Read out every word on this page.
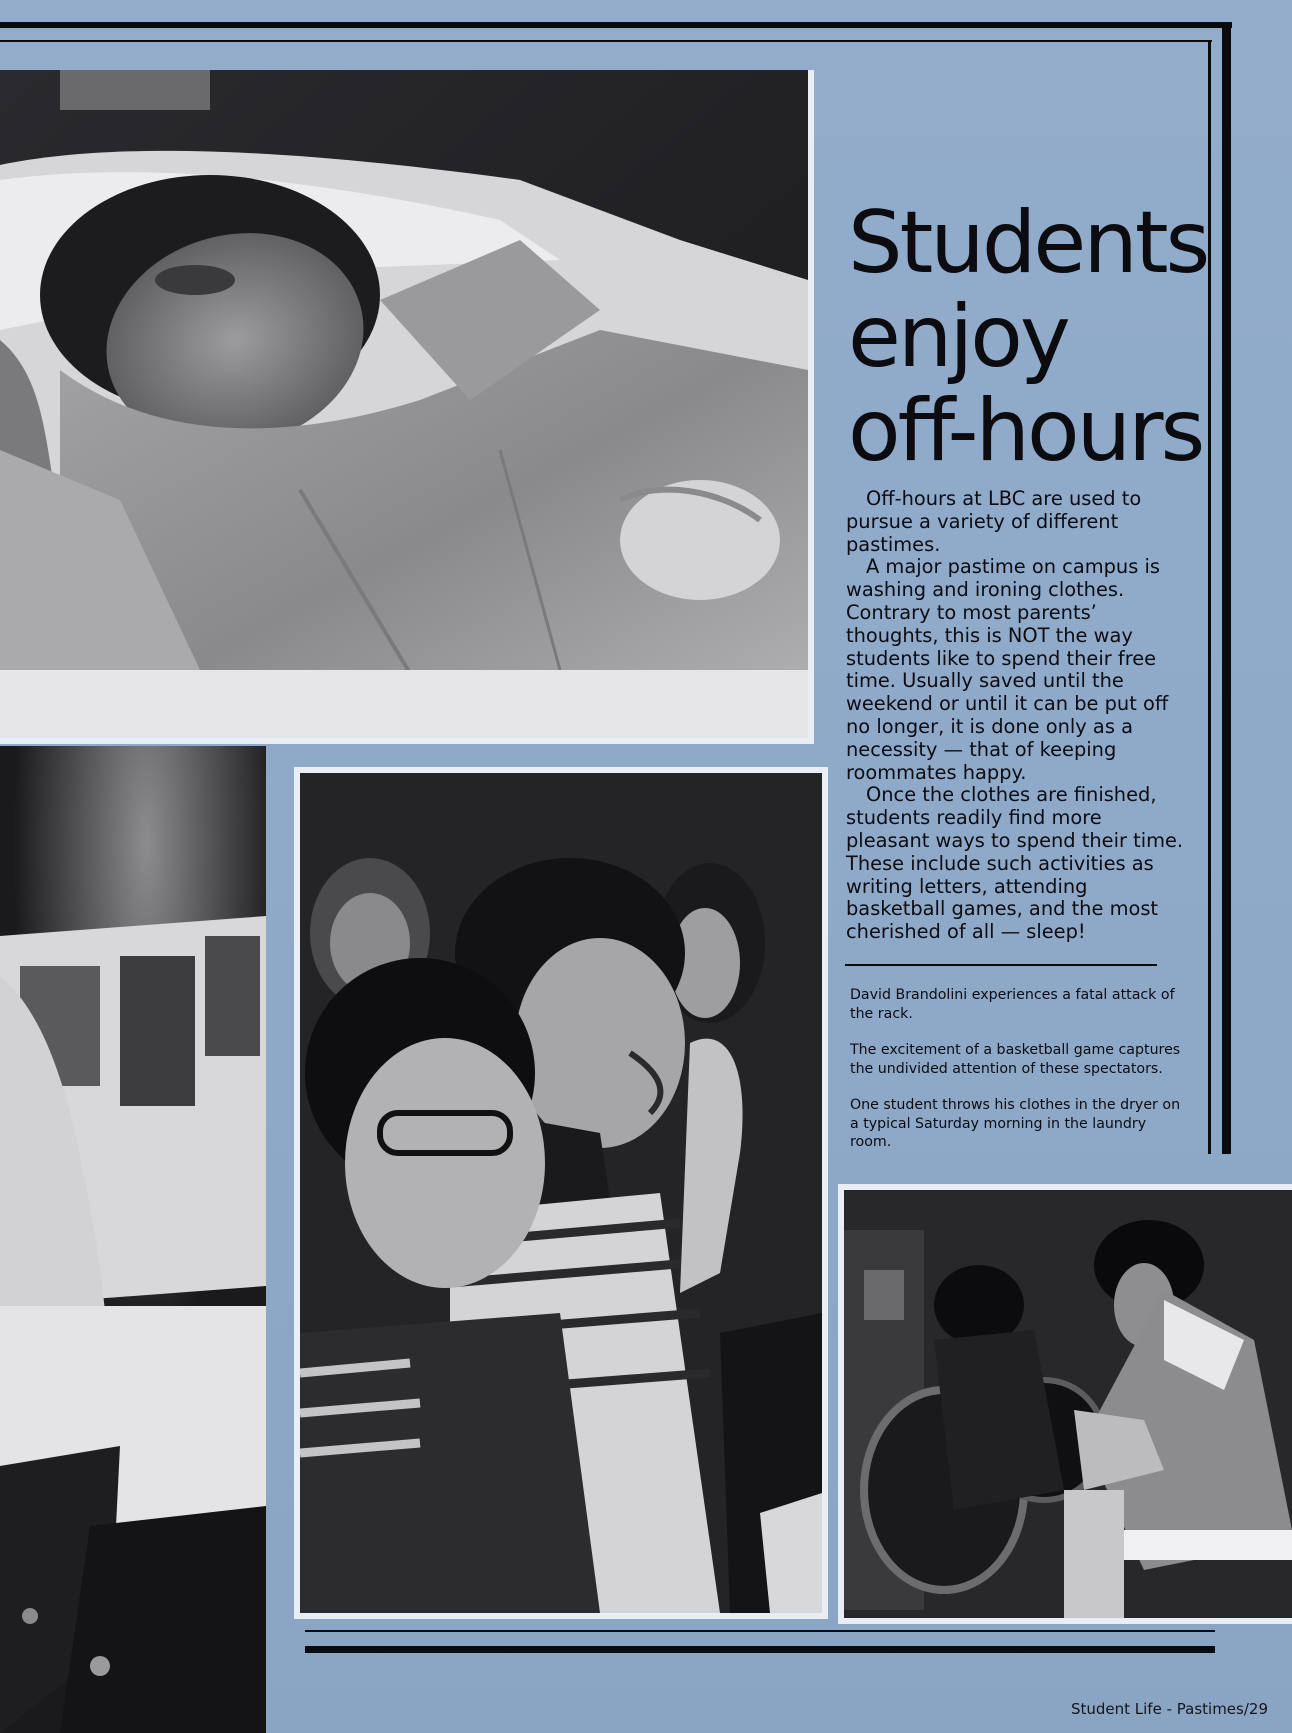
Students
enjoy
off-hours

Off-hours at LBC are used to pursue a variety of different pastimes.

A major pastime on campus is washing and ironing clothes. Contrary to most parents’ thoughts, this is NOT the way students like to spend their free time. Usually saved until the weekend or until it can be put off no longer, it is done only as a necessity — that of keeping roommates happy.

Once the clothes are finished, students readily find more pleasant ways to spend their time. These include such activities as writing letters, attending basketball games, and the most cherished of all — sleep!

David Brandolini experiences a fatal attack of the rack.

The excitement of a basketball game captures the undivided attention of these spectators.

One student throws his clothes in the dryer on a typical Saturday morning in the laundry room.

Student Life - Pastimes/29
